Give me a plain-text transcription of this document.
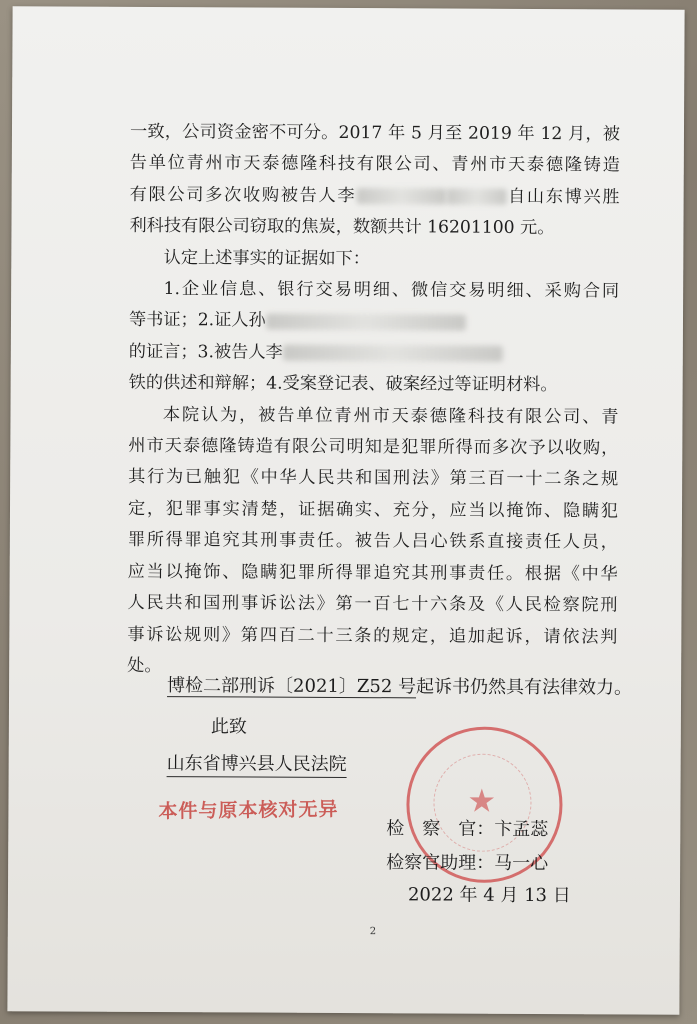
一致，公司资金密不可分。2017 年 5 月至 2019 年 12 月，被
告单位青州市天泰德隆科技有限公司、青州市天泰德隆铸造
有限公司多次收购被告人李	自山东博兴胜
利科技有限公司窃取的焦炭，数额共计 16201100 元。
认定上述事实的证据如下：
1.企业信息、银行交易明细、微信交易明细、采购合同
等书证；2.证人孙
的证言；3.被告人李
铁的供述和辩解；4.受案登记表、破案经过等证明材料。
本院认为，被告单位青州市天泰德隆科技有限公司、青
州市天泰德隆铸造有限公司明知是犯罪所得而多次予以收购，
其行为已触犯《中华人民共和国刑法》第三百一十二条之规
定，犯罪事实清楚，证据确实、充分，应当以掩饰、隐瞒犯
罪所得罪追究其刑事责任。被告人吕心铁系直接责任人员，
应当以掩饰、隐瞒犯罪所得罪追究其刑事责任。根据《中华
人民共和国刑事诉讼法》第一百七十六条及《人民检察院刑
事诉讼规则》第四百二十三条的规定，追加起诉，请依法判
处。
博检二部刑诉〔2021〕Z52 号起诉书仍然具有法律效力。
此致
山东省博兴县人民法院
本件与原本核对无异	★
检　察　官：卞孟蕊
检察官助理：马一心
2022 年 4 月 13 日
2
